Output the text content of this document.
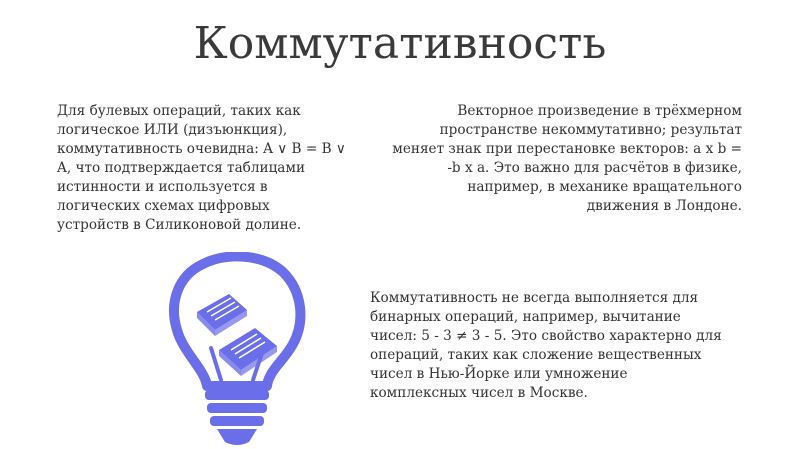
Коммутативность

Для булевых операций, таких как
логическое ИЛИ (дизъюнкция),
коммутативность очевидна: A ∨ B = B ∨
A, что подтверждается таблицами
истинности и используется в
логических схемах цифровых
устройств в Силиконовой долине.

Векторное произведение в трёхмерном
пространстве некоммутативно; результат
меняет знак при перестановке векторов: a x b =
-b x a. Это важно для расчётов в физике,
например, в механике вращательного
движения в Лондоне.

Коммутативность не всегда выполняется для
бинарных операций, например, вычитание
чисел: 5 - 3 ≠ 3 - 5. Это свойство характерно для
операций, таких как сложение вещественных
чисел в Нью-Йорке или умножение
комплексных чисел в Москве.
